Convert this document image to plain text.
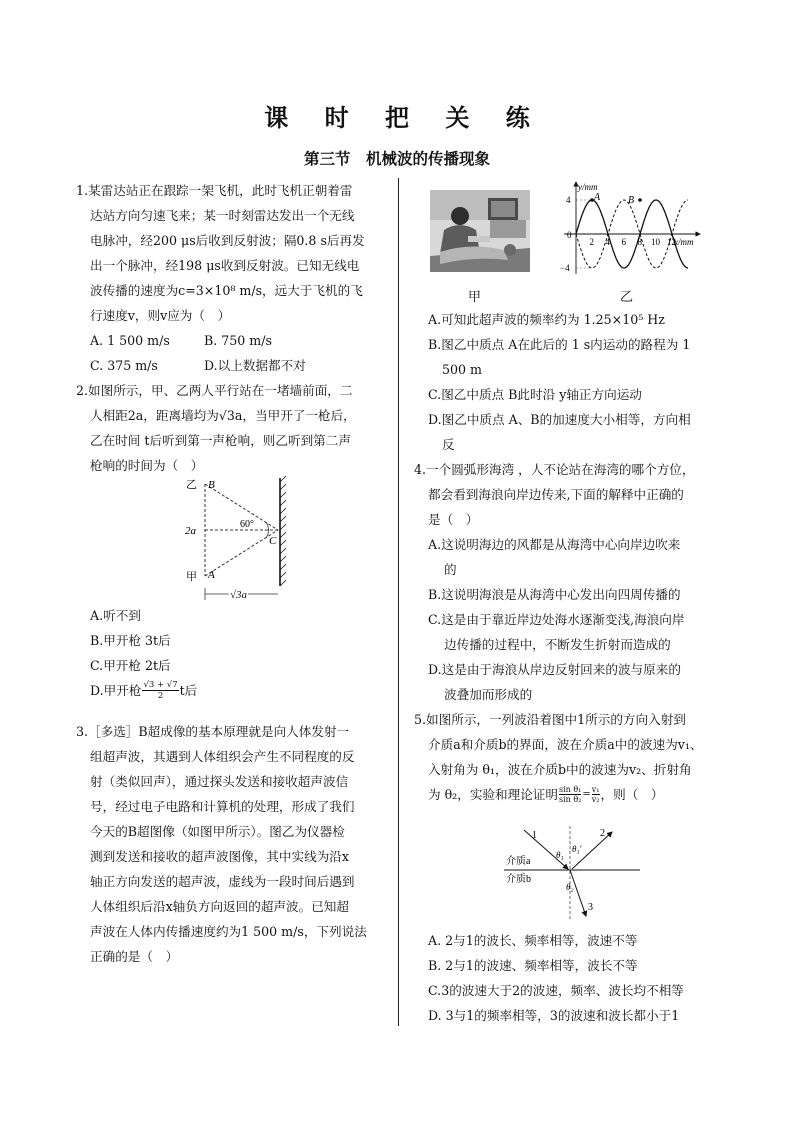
课 时 把 关 练
第三节　机械波的传播现象
1.某雷达站正在跟踪一架飞机，此时飞机正朝着雷
达站方向匀速飞来；某一时刻雷达发出一个无线
电脉冲，经200 μs后收到反射波；隔0.8 s后再发
出一个脉冲，经198 μs收到反射波。已知无线电
波传播的速度为c=3×10⁸ m/s，远大于飞机的飞
行速度v，则v应为（　）
A. 1 500 m/s	B. 750 m/s
C. 375 m/s	D.以上数据都不对
2.如图所示，甲、乙两人平行站在一堵墙前面，二
人相距2a，距离墙均为√3a，当甲开了一枪后，
乙在时间 t后听到第一声枪响，则乙听到第二声
枪响的时间为（　）
乙 B
甲 A
2a
60°
C
√3a
A.听不到
B.甲开枪 3t后
C.甲开枪 2t后
D.甲开枪 $\frac{√3 + √7}{2}$ t后
3.［多选］B超成像的基本原理就是向人体发射一
组超声波，其遇到人体组织会产生不同程度的反
射（类似回声），通过探头发送和接收超声波信
号，经过电子电路和计算机的处理，形成了我们
今天的B超图像（如图甲所示）。图乙为仪器检
测到发送和接收的超声波图像，其中实线为沿x
轴正方向发送的超声波，虚线为一段时间后遇到
人体组织后沿x轴负方向返回的超声波。已知超
声波在人体内传播速度约为1 500 m/s，下列说法
正确的是（　）
甲
y/mm
x/mm
4
0
−4
2 4 6 8 10 12
A	B
乙
A.可知此超声波的频率约为 1.25×10⁵ Hz
B.图乙中质点 A在此后的 1 s内运动的路程为 1
500 m
C.图乙中质点 B此时沿 y轴正方向运动
D.图乙中质点 A、B的加速度大小相等，方向相
反
4.一个圆弧形海湾 ，人不论站在海湾的哪个方位，
都会看到海浪向岸边传来,下面的解释中正确的
是（　）
A.这说明海边的风都是从海湾中心向岸边吹来
的
B.这说明海浪是从海湾中心发出向四周传播的
C.这是由于靠近岸边处海水逐渐变浅,海浪向岸
边传播的过程中，不断发生折射而造成的
D.这是由于海浪从岸边反射回来的波与原来的
波叠加而形成的
5.如图所示，一列波沿着图中1所示的方向入射到
介质a和介质b的界面，波在介质a中的波速为v₁、
入射角为 θ₁，波在介质b中的波速为v₂、折射角
为 θ₂，实验和理论证明 $\frac{\text{sin θ₁}}{\text{sin θ₂}} = \frac{\text{v₁}}{\text{v₂}}$ ，则（　）
1	2
3
介质a
介质b
θ₁
θ₁′
θ₂
A. 2与1的波长、频率相等，波速不等
B. 2与1的波速、频率相等，波长不等
C.3的波速大于2的波速，频率、波长均不相等
D. 3与1的频率相等，3的波速和波长都小于1
